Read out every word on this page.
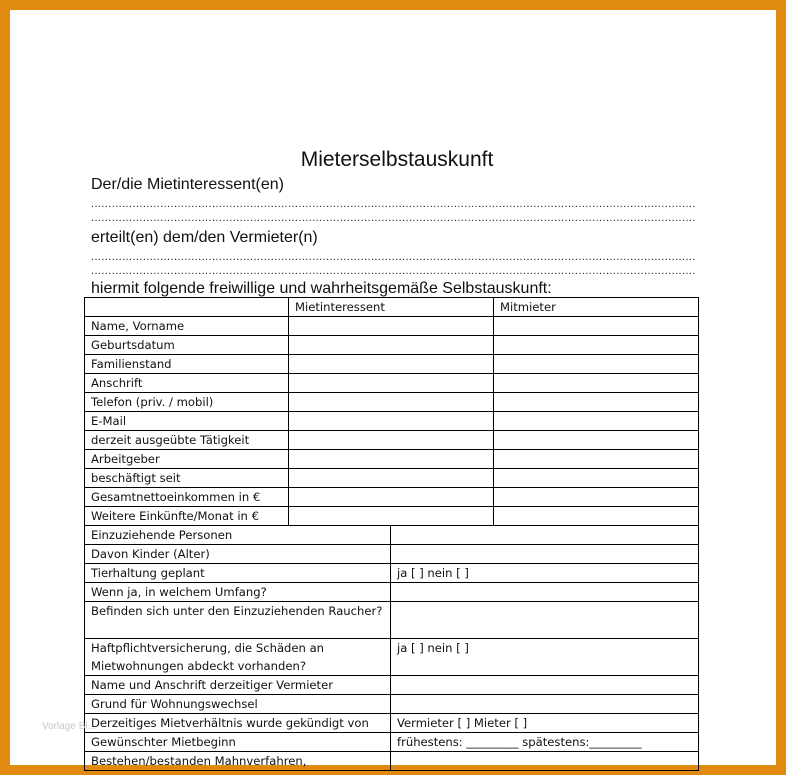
Mieterselbstauskunft
Der/die Mietinteressent(en)
...............................................................................................................................................................................
...............................................................................................................................................................................
erteilt(en) dem/den Vermieter(n)
...............................................................................................................................................................................
...............................................................................................................................................................................
hiermit folgende freiwillige und wahrheitsgemäße Selbstauskunft:
	Mietinteressent		Mitmieter
Name, Vorname			
Geburtsdatum			
Familienstand			
Anschrift			
Telefon (priv. / mobil)			
E-Mail			
derzeit ausgeübte Tätigkeit			
Arbeitgeber			
beschäftigt seit			
Gesamtnettoeinkommen in €			
Weitere Einkünfte/Monat in €			
Einzuziehende Personen			
Davon Kinder (Alter)			
Tierhaltung geplant		ja [ ] nein [ ]	
Wenn ja, in welchem Umfang?			
Befinden sich unter den Einzuziehenden Raucher?			
Haftpflichtversicherung, die Schäden an Mietwohnungen abdeckt vorhanden?		ja [ ] nein [ ]	
Name und Anschrift derzeitiger Vermieter			
Grund für Wohnungswechsel			
Derzeitiges Mietverhältnis wurde gekündigt von		Vermieter [ ] Mieter [ ]	
Gewünschter Mietbeginn		frühestens: _________ spätestens:_________	
Bestehen/bestanden Mahnverfahren,			
Vorlage Bl...
